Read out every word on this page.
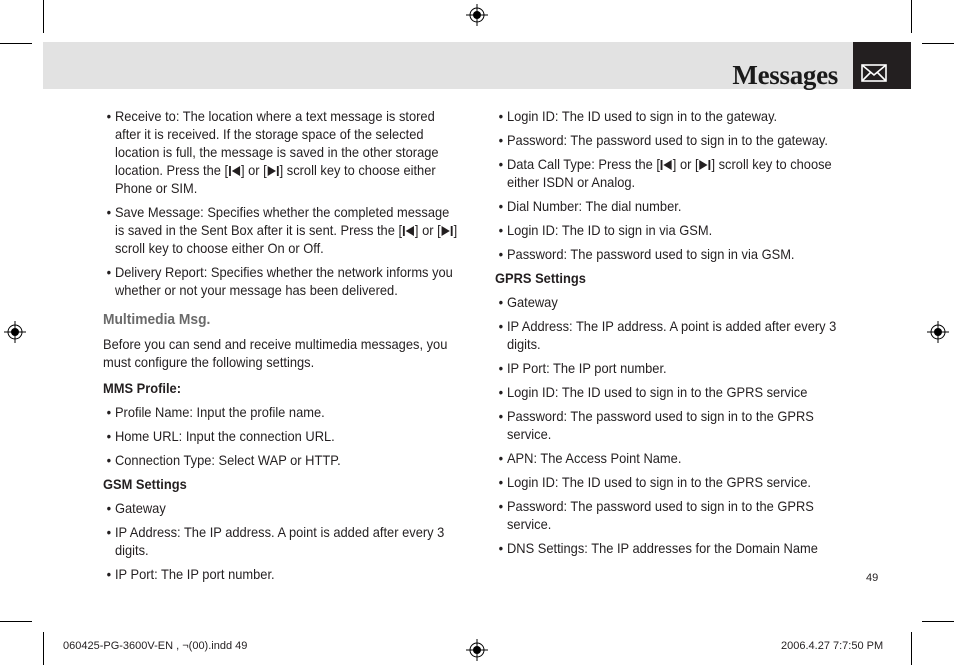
Messages
• Receive to: The location where a text message is stored after it is received. If the storage space of the selected location is full, the message is saved in the other storage location. Press the [ ] or [ ] scroll key to choose either Phone or SIM.
• Save Message: Specifies whether the completed message is saved in the Sent Box after it is sent. Press the [ ] or [ ] scroll key to choose either On or Off.
• Delivery Report: Specifies whether the network informs you whether or not your message has been delivered.
Multimedia Msg.
Before you can send and receive multimedia messages, you must configure the following settings.
MMS Profile:
• Profile Name: Input the profile name.
• Home URL: Input the connection URL.
• Connection Type: Select WAP or HTTP.
GSM Settings
• Gateway
• IP Address: The IP address. A point is added after every 3 digits.
• IP Port: The IP port number.
• Login ID: The ID used to sign in to the gateway.
• Password: The password used to sign in to the gateway.
• Data Call Type: Press the [ ] or [ ] scroll key to choose either ISDN or Analog.
• Dial Number: The dial number.
• Login ID: The ID to sign in via GSM.
• Password: The password used to sign in via GSM.
GPRS Settings
• Gateway
• IP Address: The IP address. A point is added after every 3 digits.
• IP Port: The IP port number.
• Login ID: The ID used to sign in to the GPRS service
• Password: The password used to sign in to the GPRS service.
• APN: The Access Point Name.
• Login ID: The ID used to sign in to the GPRS service.
• Password: The password used to sign in to the GPRS service.
• DNS Settings: The IP addresses for the Domain Name
49
060425-PG-3600V-EN , ¬(00).indd 49	2006.4.27 7:7:50 PM
